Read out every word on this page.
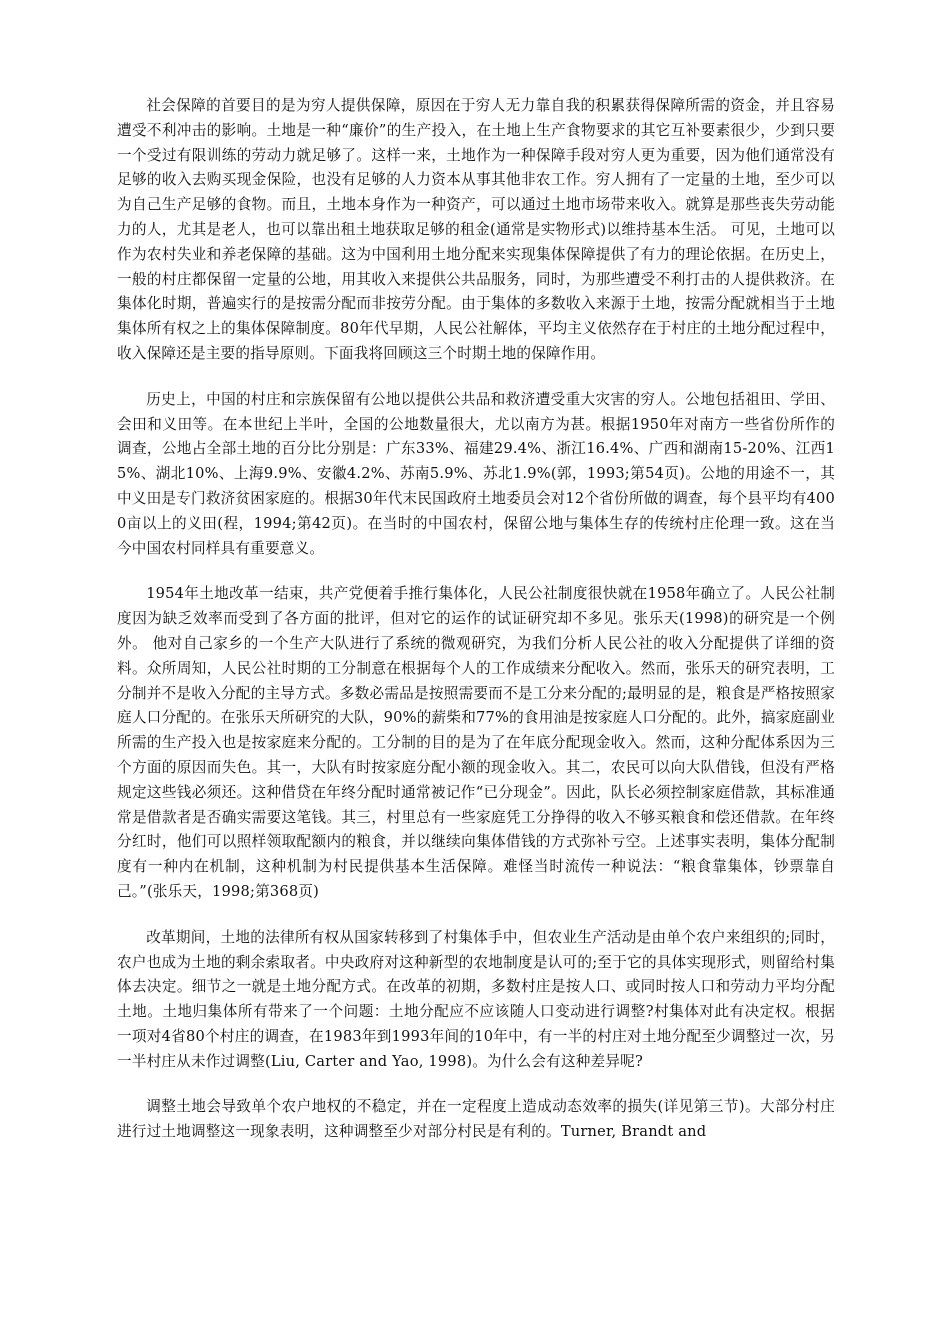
社会保障的首要目的是为穷人提供保障，原因在于穷人无力靠自我的积累获得保障所需的资金，并且容易遭受不利冲击的影响。土地是一种“廉价”的生产投入，在土地上生产食物要求的其它互补要素很少，少到只要一个受过有限训练的劳动力就足够了。这样一来，土地作为一种保障手段对穷人更为重要，因为他们通常没有足够的收入去购买现金保险，也没有足够的人力资本从事其他非农工作。穷人拥有了一定量的土地，至少可以为自己生产足够的食物。而且，土地本身作为一种资产，可以通过土地市场带来收入。就算是那些丧失劳动能力的人，尤其是老人，也可以靠出租土地获取足够的租金(通常是实物形式)以维持基本生活。 可见，土地可以作为农村失业和养老保障的基础。这为中国利用土地分配来实现集体保障提供了有力的理论依据。在历史上，一般的村庄都保留一定量的公地，用其收入来提供公共品服务，同时，为那些遭受不利打击的人提供救济。在集体化时期，普遍实行的是按需分配而非按劳分配。由于集体的多数收入来源于土地，按需分配就相当于土地集体所有权之上的集体保障制度。80年代早期，人民公社解体，平均主义依然存在于村庄的土地分配过程中，收入保障还是主要的指导原则。下面我将回顾这三个时期土地的保障作用。

历史上，中国的村庄和宗族保留有公地以提供公共品和救济遭受重大灾害的穷人。公地包括祖田、学田、会田和义田等。在本世纪上半叶，全国的公地数量很大，尤以南方为甚。根据1950年对南方一些省份所作的调查，公地占全部土地的百分比分别是：广东33%、福建29.4%、浙江16.4%、广西和湖南15-20%、江西15%、湖北10%、上海9.9%、安徽4.2%、苏南5.9%、苏北1.9%(郭，1993;第54页)。公地的用途不一，其中义田是专门救济贫困家庭的。根据30年代末民国政府土地委员会对12个省份所做的调查，每个县平均有4000亩以上的义田(程，1994;第42页)。在当时的中国农村，保留公地与集体生存的传统村庄伦理一致。这在当今中国农村同样具有重要意义。

1954年土地改革一结束，共产党便着手推行集体化，人民公社制度很快就在1958年确立了。人民公社制度因为缺乏效率而受到了各方面的批评，但对它的运作的试证研究却不多见。张乐天(1998)的研究是一个例外。 他对自己家乡的一个生产大队进行了系统的微观研究，为我们分析人民公社的收入分配提供了详细的资料。众所周知，人民公社时期的工分制意在根据每个人的工作成绩来分配收入。然而，张乐天的研究表明，工分制并不是收入分配的主导方式。多数必需品是按照需要而不是工分来分配的;最明显的是，粮食是严格按照家庭人口分配的。在张乐天所研究的大队，90%的薪柴和77%的食用油是按家庭人口分配的。此外，搞家庭副业所需的生产投入也是按家庭来分配的。工分制的目的是为了在年底分配现金收入。然而，这种分配体系因为三个方面的原因而失色。其一，大队有时按家庭分配小额的现金收入。其二，农民可以向大队借钱，但没有严格规定这些钱必须还。这种借贷在年终分配时通常被记作“已分现金”。因此，队长必须控制家庭借款，其标准通常是借款者是否确实需要这笔钱。其三，村里总有一些家庭凭工分挣得的收入不够买粮食和偿还借款。在年终分红时，他们可以照样领取配额内的粮食，并以继续向集体借钱的方式弥补亏空。上述事实表明，集体分配制度有一种内在机制，这种机制为村民提供基本生活保障。难怪当时流传一种说法：“粮食靠集体，钞票靠自己。”(张乐天，1998;第368页)

改革期间，土地的法律所有权从国家转移到了村集体手中，但农业生产活动是由单个农户来组织的;同时，农户也成为土地的剩余索取者。中央政府对这种新型的农地制度是认可的;至于它的具体实现形式，则留给村集体去决定。细节之一就是土地分配方式。在改革的初期，多数村庄是按人口、或同时按人口和劳动力平均分配土地。土地归集体所有带来了一个问题：土地分配应不应该随人口变动进行调整?村集体对此有决定权。根据一项对4省80个村庄的调查，在1983年到1993年间的10年中，有一半的村庄对土地分配至少调整过一次，另一半村庄从未作过调整(Liu, Carter and Yao, 1998)。为什么会有这种差异呢?

调整土地会导致单个农户地权的不稳定，并在一定程度上造成动态效率的损失(详见第三节)。大部分村庄进行过土地调整这一现象表明，这种调整至少对部分村民是有利的。Turner, Brandt and
